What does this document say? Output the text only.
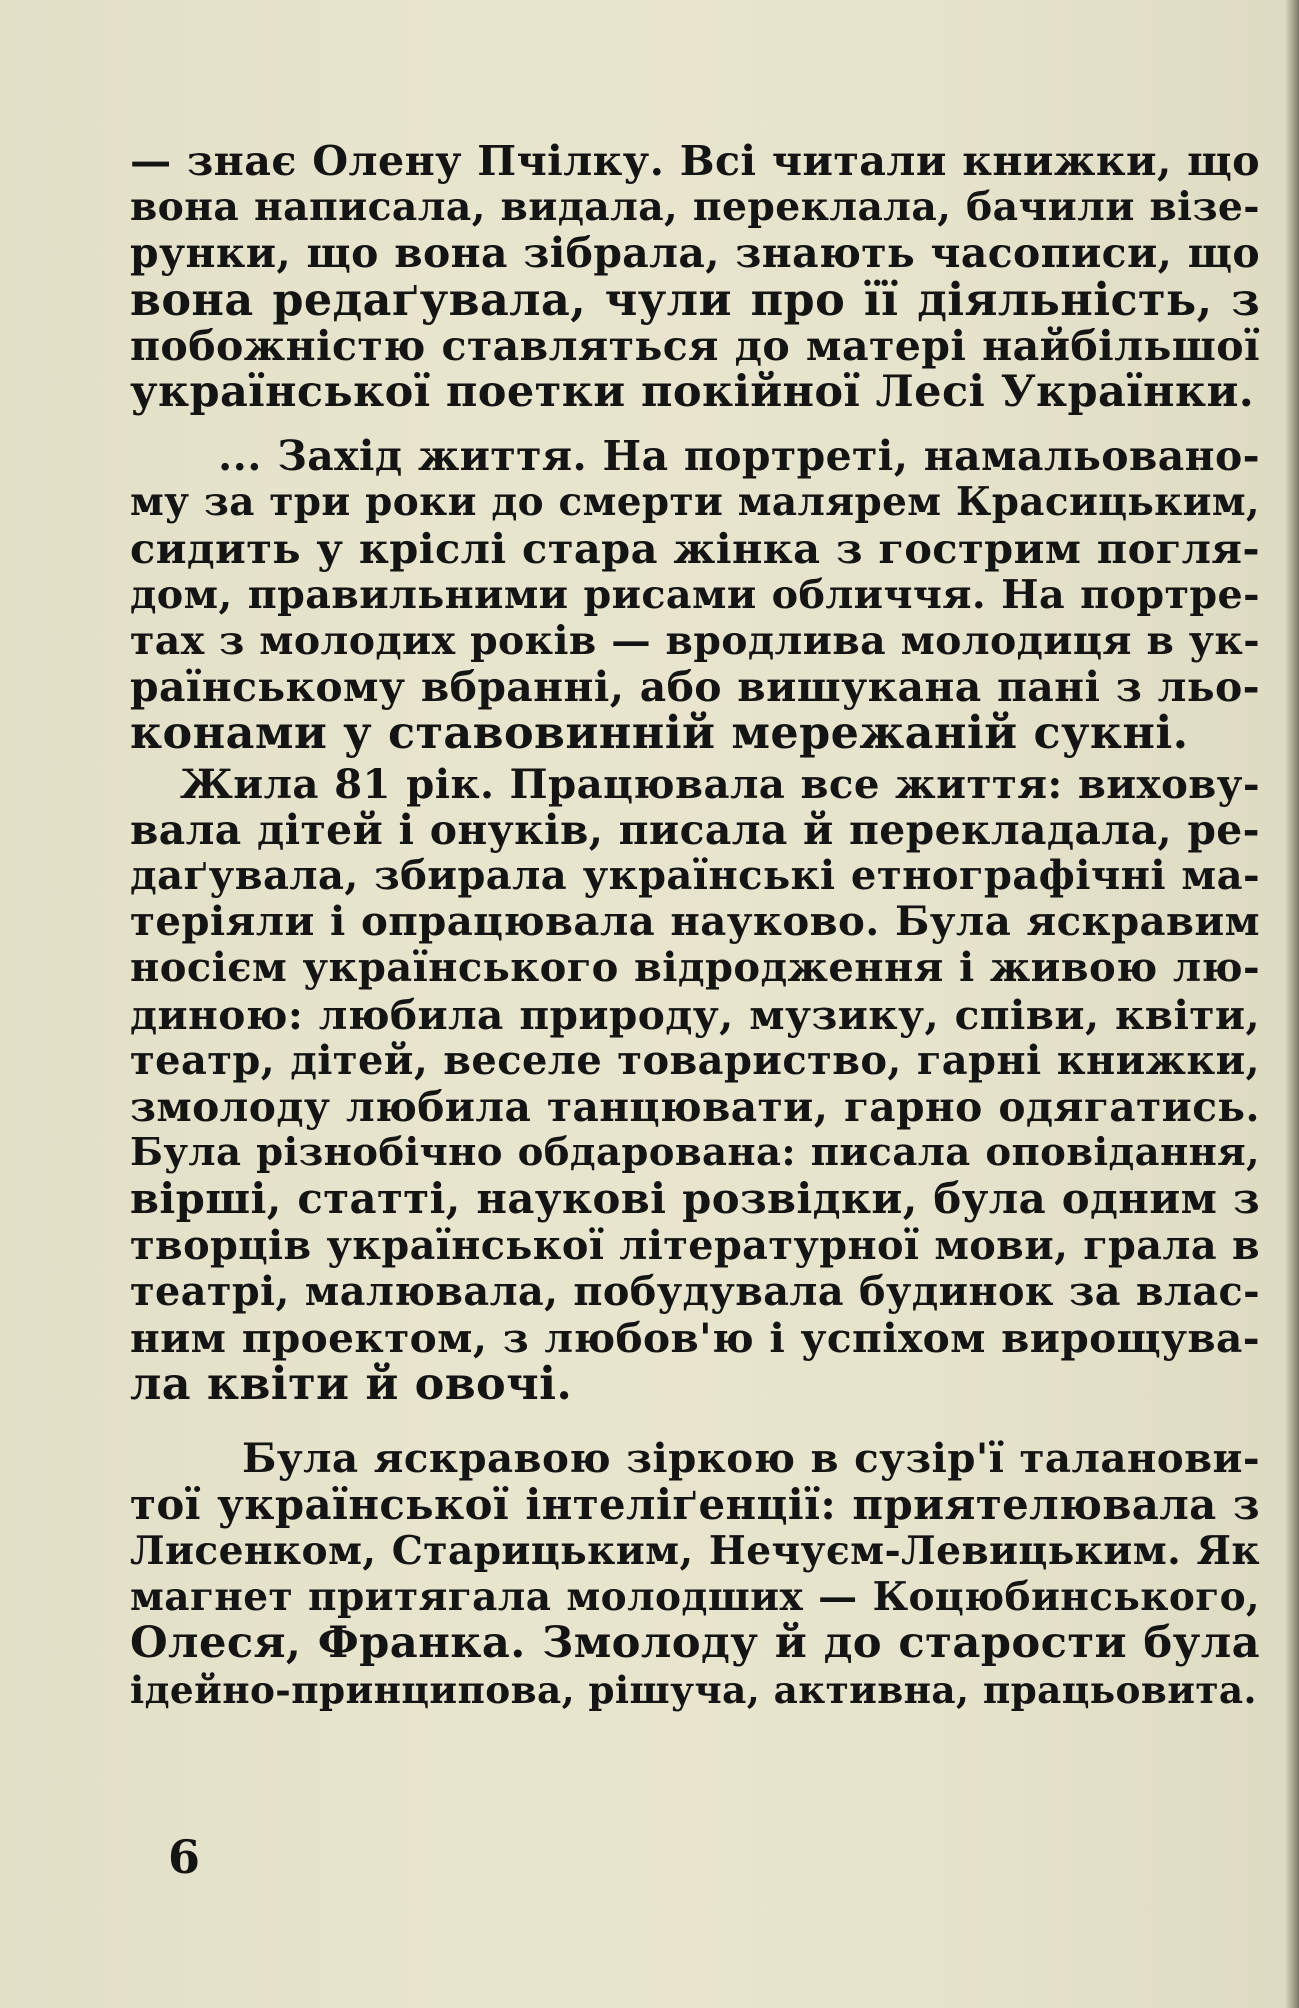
— знає Олену Пчілку. Всі читали книжки, що
вона написала, видала, переклала, бачили візе-
рунки, що вона зібрала, знають часописи, що
вона редаґувала, чули про її діяльність, з
побожністю ставляться до матері найбільшої
української поетки покійної Лесі Українки.
... Захід життя. На портреті, намальовано-
му за три роки до смерти малярем Красицьким,
сидить у кріслі стара жінка з гострим погля-
дом, правильними рисами обличчя. На портре-
тах з молодих років — вродлива молодиця в ук-
раїнському вбранні, або вишукана пані з льо-
конами у ставовинній мережаній сукні.
Жила 81 рік. Працювала все життя: вихову-
вала дітей і онуків, писала й перекладала, ре-
даґувала, збирала українські етнографічні ма-
теріяли і опрацювала науково. Була яскравим
носієм українського відродження і живою лю-
диною: любила природу, музику, співи, квіти,
театр, дітей, веселе товариство, гарні книжки,
змолоду любила танцювати, гарно одягатись.
Була різнобічно обдарована: писала оповідання,
вірші, статті, наукові розвідки, була одним з
творців української літературної мови, грала в
театрі, малювала, побудувала будинок за влас-
ним проектом, з любов'ю і успіхом вирощува-
ла квіти й овочі.
Була яскравою зіркою в сузір'ї таланови-
тої української інтеліґенції: приятелювала з
Лисенком, Старицьким, Нечуєм-Левицьким. Як
магнет притягала молодших — Коцюбинського,
Олеся, Франка. Змолоду й до старости була
ідейно-принципова, рішуча, активна, працьовита.
6
